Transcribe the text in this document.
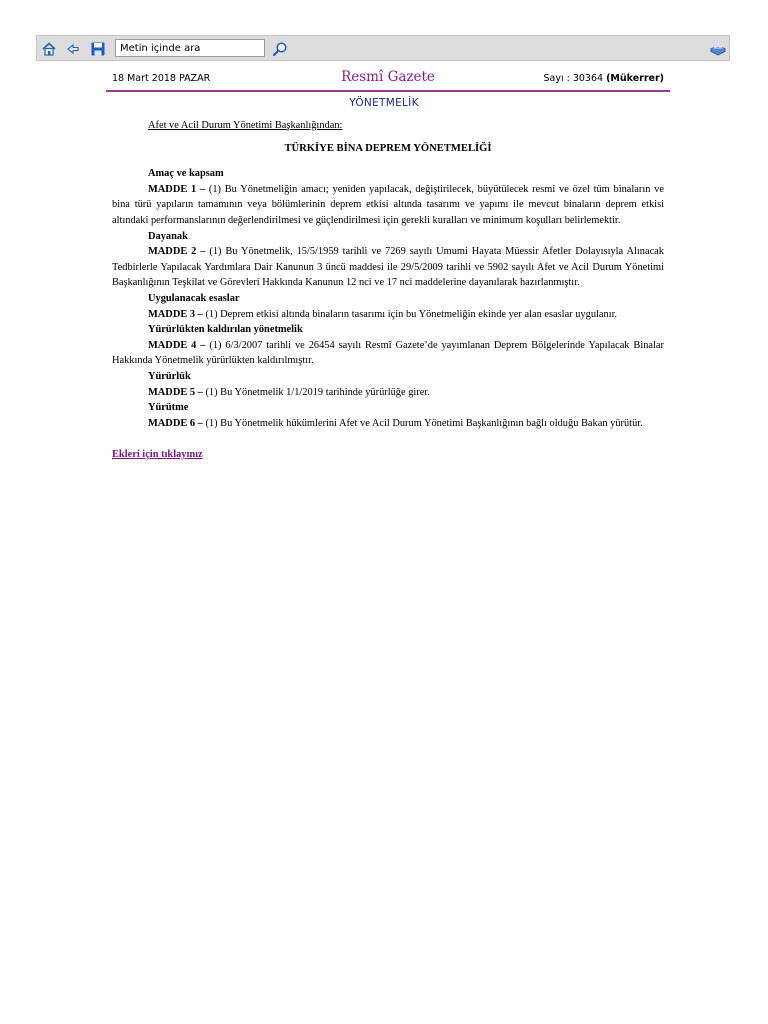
Metin içinde ara
18 Mart 2018 PAZAR	Resmî Gazete	Sayı : 30364 (Mükerrer)
YÖNETMELİK

Afet ve Acil Durum Yönetimi Başkanlığından:

TÜRKİYE BİNA DEPREM YÖNETMELİĞİ

Amaç ve kapsam

MADDE 1 – (1) Bu Yönetmeliğin amacı; yeniden yapılacak, değiştirilecek, büyütülecek resmi ve özel tüm binaların ve bina türü yapıların tamamının veya bölümlerinin deprem etkisi altında tasarımı ve yapımı ile mevcut binaların deprem etkisi altındaki performanslarının değerlendirilmesi ve güçlendirilmesi için gerekli kuralları ve minimum koşulları belirlemektir.

Dayanak

MADDE 2 – (1) Bu Yönetmelik, 15/5/1959 tarihli ve 7269 sayılı Umumi Hayata Müessir Afetler Dolayısıyla Alınacak Tedbirlerle Yapılacak Yardımlara Dair Kanunun 3 üncü maddesi ile 29/5/2009 tarihli ve 5902 sayılı Afet ve Acil Durum Yönetimi Başkanlığının Teşkilat ve Görevleri Hakkında Kanunun 12 nci ve 17 nci maddelerine dayanılarak hazırlanmıştır.

Uygulanacak esaslar

MADDE 3 – (1) Deprem etkisi altında binaların tasarımı için bu Yönetmeliğin ekinde yer alan esaslar uygulanır.

Yürürlükten kaldırılan yönetmelik

MADDE 4 – (1) 6/3/2007 tarihli ve 26454 sayılı Resmî Gazete’de yayımlanan Deprem Bölgelerinde Yapılacak Binalar Hakkında Yönetmelik yürürlükten kaldırılmıştır.

Yürürlük

MADDE 5 – (1) Bu Yönetmelik 1/1/2019 tarihinde yürürlüğe girer.

Yürütme

MADDE 6 – (1) Bu Yönetmelik hükümlerini Afet ve Acil Durum Yönetimi Başkanlığının bağlı olduğu Bakan yürütür.

Ekleri için tıklayınız
